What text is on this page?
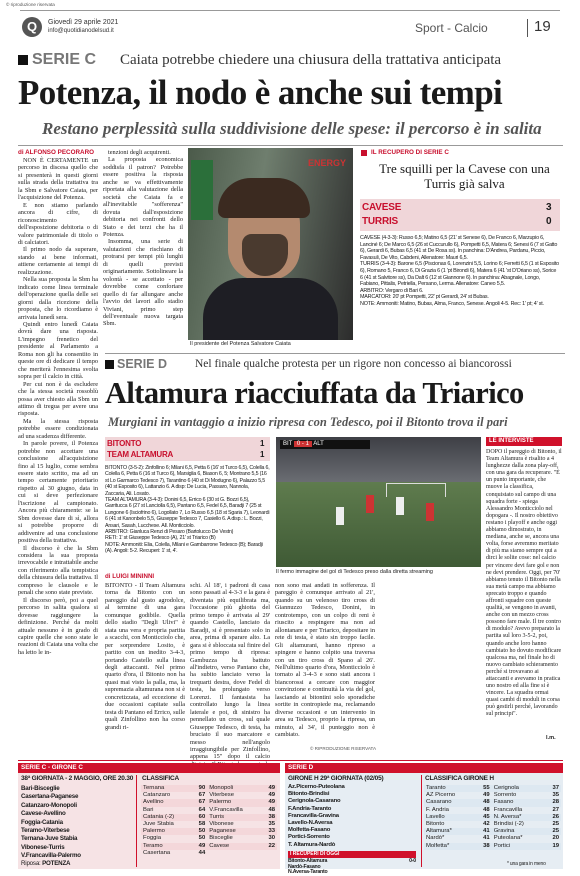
© riproduzione riservata
Q	Giovedì 29 aprile 2021
info@quotidianodelsud.it	Sport - Calcio	19
SERIE C Caiata potrebbe chiedere una chiusura della trattativa anticipata
Potenza, il nodo è anche sui tempi
Restano perplessità sulla suddivisione delle spese: il percorso è in salita
di ALFONSO PECORARO

NON È CERTAMENTE un percorso in discesa quello che si presenterà in questi giorni sulla strada della trattativa tra la Sbm e Salvatore Caiata, per l'acquisizione del Potenza.

E non stiamo parlando ancora di cifre, di riconoscimento dell'esposizione debitoria o di valore patrimoniale di titolo o di calciatori.

Il primo nodo da superare, stando ai bene informati, attiene certamente ai tempi di realizzazione.

Nella sua proposta la Sbm ha indicato come linea terminale dell'operazione quella delle sei giorni dalla ricezione della proposta, che lo ricordiamo è arrivata lunedì sera.

Quindi entro lunedì Caiata dovrà dare una risposta. L'impegno frenetico del presidente al Parlamento a Roma non gli ha consentito in queste ore di dedicare il tempo che meriterà l'ennesima svolta sopra per il calcio in città.

Per cui non è da escludere che la stessa società rossoblù possa aver chiesto alla Sbm un attimo di tregua per avere una risposta.

Ma la stessa risposta potrebbe essere condizionata ad una scadenza differente.

In parole povere, il Potenza potrebbe non accettare una conclusione all'acquisizione fino al 15 luglio, come sembra essere stato scritto, ma ad un tempo certamente prioritario rispetto al 30 giugno, data in cui si deve perfezionare l'iscrizione al campionato. Ancora più chiaramente: se la Sbm dovesse dare di sì, allora si potrebbe proporre di addivenire ad una conclusione positiva della trattativa.

Il discorso è che la Sbm considera la sua proposta irrevocabile e intrattabile anche con riferimento alla tempistica della chiusura della trattativa. Il compreso le clausole e le penali che sono state previste.

Il discorso però, poi a quel percorso in salita qualora si dovesse raggiungere la definizione. Perché da molti attuale nessuno è in grado di capire quelle che sono state le reazioni di Caiata una volta che ha letto le in-

tenzioni degli acquirenti.

La proposta economica soddisfa il patron? Potrebbe essere positiva la risposta anche se va effettivamente riportata alla valutazione della società che Caiata fa e all'inevitabile "sofferenza" dovuta dall'esposizione debitoria nei confronti dello Stato e dei terzi che ha il Potenza.

Insomma, una serie di valutazioni che rischiano di protrarsi per tempi più lunghi di quelli previsti originariamente. Sottolineare la volontà - se accettato - per dovrebbe come confortare quello di far allungare anche l'avvio dei lavori allo stadio Viviani, primo step dell'eventuale nuova targata Sbm.

ENERGY
Il presidente del Potenza Salvatore Caiata
IL RECUPERO DI SERIE C
Tre squilli per la Cavese con una Turris già salva
CAVESE	3
TURRIS	0

CAVESE (4-3-3): Russo 6,5; Matino 6,5 (21' st Senese 6), De Franco 6, Marzupio 6, Lanciné 6; De Marco 6,5 (26 st Cuccurullo 6), Pompetti 6,5, Matera 6; Senesi 6 (7 st Gatto 6), Gerardi 6, Bubas 6,5 (41 st De Rosa ss). In panchina: D'Andrea, Pardanu, Piccio, Favasuli, De Vito, Cabdeni, Allenatore: Mauri 6,5.

TURRIS (3-4-3): Barone 6,5 (Piscionas 6, Lorenzini 5,5, Lorino 6; Ferretti 6,5 (1 st Esposito 6), Romano 5, Franco 6, Di Grazia 6 (1 'pt Birondi 6), Matera 6 (41 'st D'Oriano ss), Sorice 6 (41 st Salvitore ss), Da Dalt 6 (12 st Giannone 6). In panchina: Abagnale, Longo, Fabiano, Pittalis, Petriella, Persano, Lerma. Allenatore: Caneo 5,5.

ARBITRO: Vergaro di Bari 6.

MARCATORI: 20' pt Pompetti, 22' pt Gerardi, 24' st Bubas.

NOTE: Ammoniti: Matino, Bubas, Alma, Franco, Senese. Angoli 4-5. Rec: 1' pt; 4' st.

SERIE D Nel finale qualche protesta per un rigore non concesso ai biancorossi
Altamura riacciuffata da Triarico
Murgiani in vantaggio a inizio ripresa con Tedesco, poi il Bitonto trova il pari
BITONTO	1
TEAM ALTAMURA	1

BITONTO (3-5-2): Zinfollino 6; Milani 6,5, Petta 6 (16' st Turco 6,5), Colella 6, Colella 6, Petta 6 (16 st Turco 6), Marsiglia 6, Biason 6, 5; Montrano 5,5 (16 st Lo Garmarco Tedesco 7), Tarantino 6 (40 st Di Modugno 6), Palazzo 5,5 (40 st Esposito 6), Lattanzio 6. A disp: De Lucia, Passaro, Nannola, Zaccaria, Ali. Losato.

TEAM ALTAMURA (3-4-3): Donini 6,5, Errico 6 (30 st G. Bozzi 6,5), Garritucca 6 (27 st Lanciolla 6,5), Pantano 6,5, Fedel 6,5, Baradji 7 (25 st Lungone 6 (Isciofrino 6), Logollato 7, Lo Russo 6,5 (18 st Sgaria 7), Leonardi 6 (41 st Kanonbelo 5,5, Giuseppe Tedesco 7, Casiello 6. A disp.: L. Bozzi, Ansari, Sasah, Lucchese. All. Monticciolo.

ARBITRO: Gianluca Renzi di Pesaro (Bartolucco De Vestn)

RETI: 1' st Giuseppe Tedesco (A), 21' st Triarico (B)

NOTE: Ammoniti: Elia, Colella, Milani e Gambarrone Tedesco (B); Baradji (A). Angoli: 5-2. Recuperi: 1' st, 4'.

di LUIGI MININNI
BITONTO - Il Team Altamura torna da Bitonto con un pareggio dal gusto agrodolce, al termine di una gara comunque godibile. Quella dello stadio "Degli Ulivi" è stata una vera e propria partita a scacchi, con Monticciolo che, per sorprendere Losito, è partito con un inedito 3-4-3, portando Castello sulla linea degli attaccanti. Nel primo quarto d'ora, il Bitonto non ha quasi mai visto la palla, ma, la supremazia altamurana non si è concretizzata, ad eccezione di due occasioni capitate sulla testa di Pantano ed Errico, sulle quali Zinfollino non ha corso grandi ri-
schi. Al 18', i padroni di casa sono passati al 4-3-3 e la gara è diventata più equilibrata ma, l'occasione più ghiotta del primo tempo è arrivata al 29' quando Castello, lanciato da Baradji, si è presentato solo in area, prima di sparare alto. La gara si è sbloccata sul finire del primo tempo di ripresa: Gambuzza ha battuto all'indietro, verso Pantano che, ha subito lanciato verso la trequarti destra, dove Fedel di testa, ha prolungato verso Lorenzi. Il fantasista ha controllato lungo la linea laterale e poi, di sinistro ha pennellato un cross, sul quale Giuseppe Tedesco, di testa, ha bruciato il suo marcatore e messo nell'angolo irraggiungibile per Zinfollino, appena 15'' dopo il calcio
non sono mai andati in sofferenza. Il pareggio è comunque arrivato al 21', quando su un velenoso tiro cross di Giannuzzo Tedesco, Donini, in controtempo, con un colpo di reni è riuscito a respingere ma non ad allontanare e per Triarico, depositare in rete di testa, è stato sin troppo facile. Gli altamurani, hanno ripreso a spingere e hanno colpito una traversa con un tiro cross di Spano al 26'. Nell'ultimo quarto d'ora, Monticciolo è tornato al 3-4-3 e sono stati ancora i biancorossi a cercare con maggior convinzione e continuità la via del gol, lasciando ai bitontini solo sporadiche sortite in contropiede ma, reclamando diverse occasioni e un intervento in area su Tedesco, proprio la ripresa, un minuto, al 34', il punteggio non è cambiato.
© RIPRODUZIONE RISERVATA
BIT 0 - 1 ALT
Il fermo immagine del gol di Tedesco preso dalla diretta streaming
LE INTERVISTE
DOPO il pareggio di Bitonto, il Team Altamura è risalito a 4 lunghezze dalla zona play-off, con una gara da recuperare. "È un punto importante, che muove la classifica, conquistato sul campo di una squadra forte - spiega Alessandro Monticciolo nel dopogara -. Il nostro obiettivo restano i playoff e anche oggi abbiamo dimostrato, in mediana, anche se, ancora una volta, forse avremmo meritato di più ma siamo sempre qui a dirci le solite cose: nel calcio per vincere devi fare gol e non ne devi prendere. Oggi, per 70' abbiamo tenuto il Bitonto nella sua metà campo ma abbiamo sprecato troppo e quando affronti squadre con queste qualità, se vengono in avanti, anche con un mezzo cross possono fare male. Il tre contro di modulo? Avevo preparato la partita sul loro 3-5-2, poi, quando anche loro hanno cambiato ho dovuto modificare qualcosa ma, nel finale ho di nuovo cambiato schieramento perché si trovavano ai attaccanti e avevamo in pratica uno nostro ed alla fine si è vincere. La squadra ormai quasi cambi di moduli in corsa può gestirli perché, lavorando sul principi".
l.m.
SERIE C - GIRONE C
38ª GIORNATA - 2 MAGGIO, ORE 20.30
Bari-Bisceglie
Casertana-Paganese
Catanzaro-Monopoli
Cavese-Avellino
Foggia-Catania
Teramo-Viterbese
Ternana-Juve Stabia
Vibonese-Turris
V.Francavilla-Palermo
Riposa: POTENZA
CLASSIFICA
Ternana	90	Monopoli	49
Catanzaro	67	Viterbese	49
Avellino	67	Palermo	49
Bari	64	V.Francavilla	48
Catania (-2)	60	Turris	38
Juve Stabia	58	Vibonese	35
Palermo	50	Paganese	33
Foggia	50	Bisceglie	30
Teramo	49	Cavese	22
Casertana	44		
SERIE D
GIRONE H 29ª GIORNATA (02/05)
Az.Picerno-Puteolana
Bitonto-Brindisi
Cerignola-Casarano
F.Andria-Taranto
Francavilla-Gravina
Lavello-N.Aversa
Molfetta-Fasano
Portici-Sorrento
T. Altamura-Nardò
I RECUPERI DI OGGI
Bitonto-Altamura	0-0
Nardò-Fasano
N.Aversa-Taranto
CLASSIFICA GIRONE H
Taranto	55	Cerignola	37
AZ Picerno	49	Sorrento	35
Casarano	48	Fasano	28
F. Andria	48	Francavilla	27
Lavello	45	N. Aversa*	26
Bitonto	42	Brindisi (-2)	25
Altamura*	41	Gravina	25
Nardò*	41	Puteolana*	20
Molfetta*	38	Portici	19
* una gara in meno
